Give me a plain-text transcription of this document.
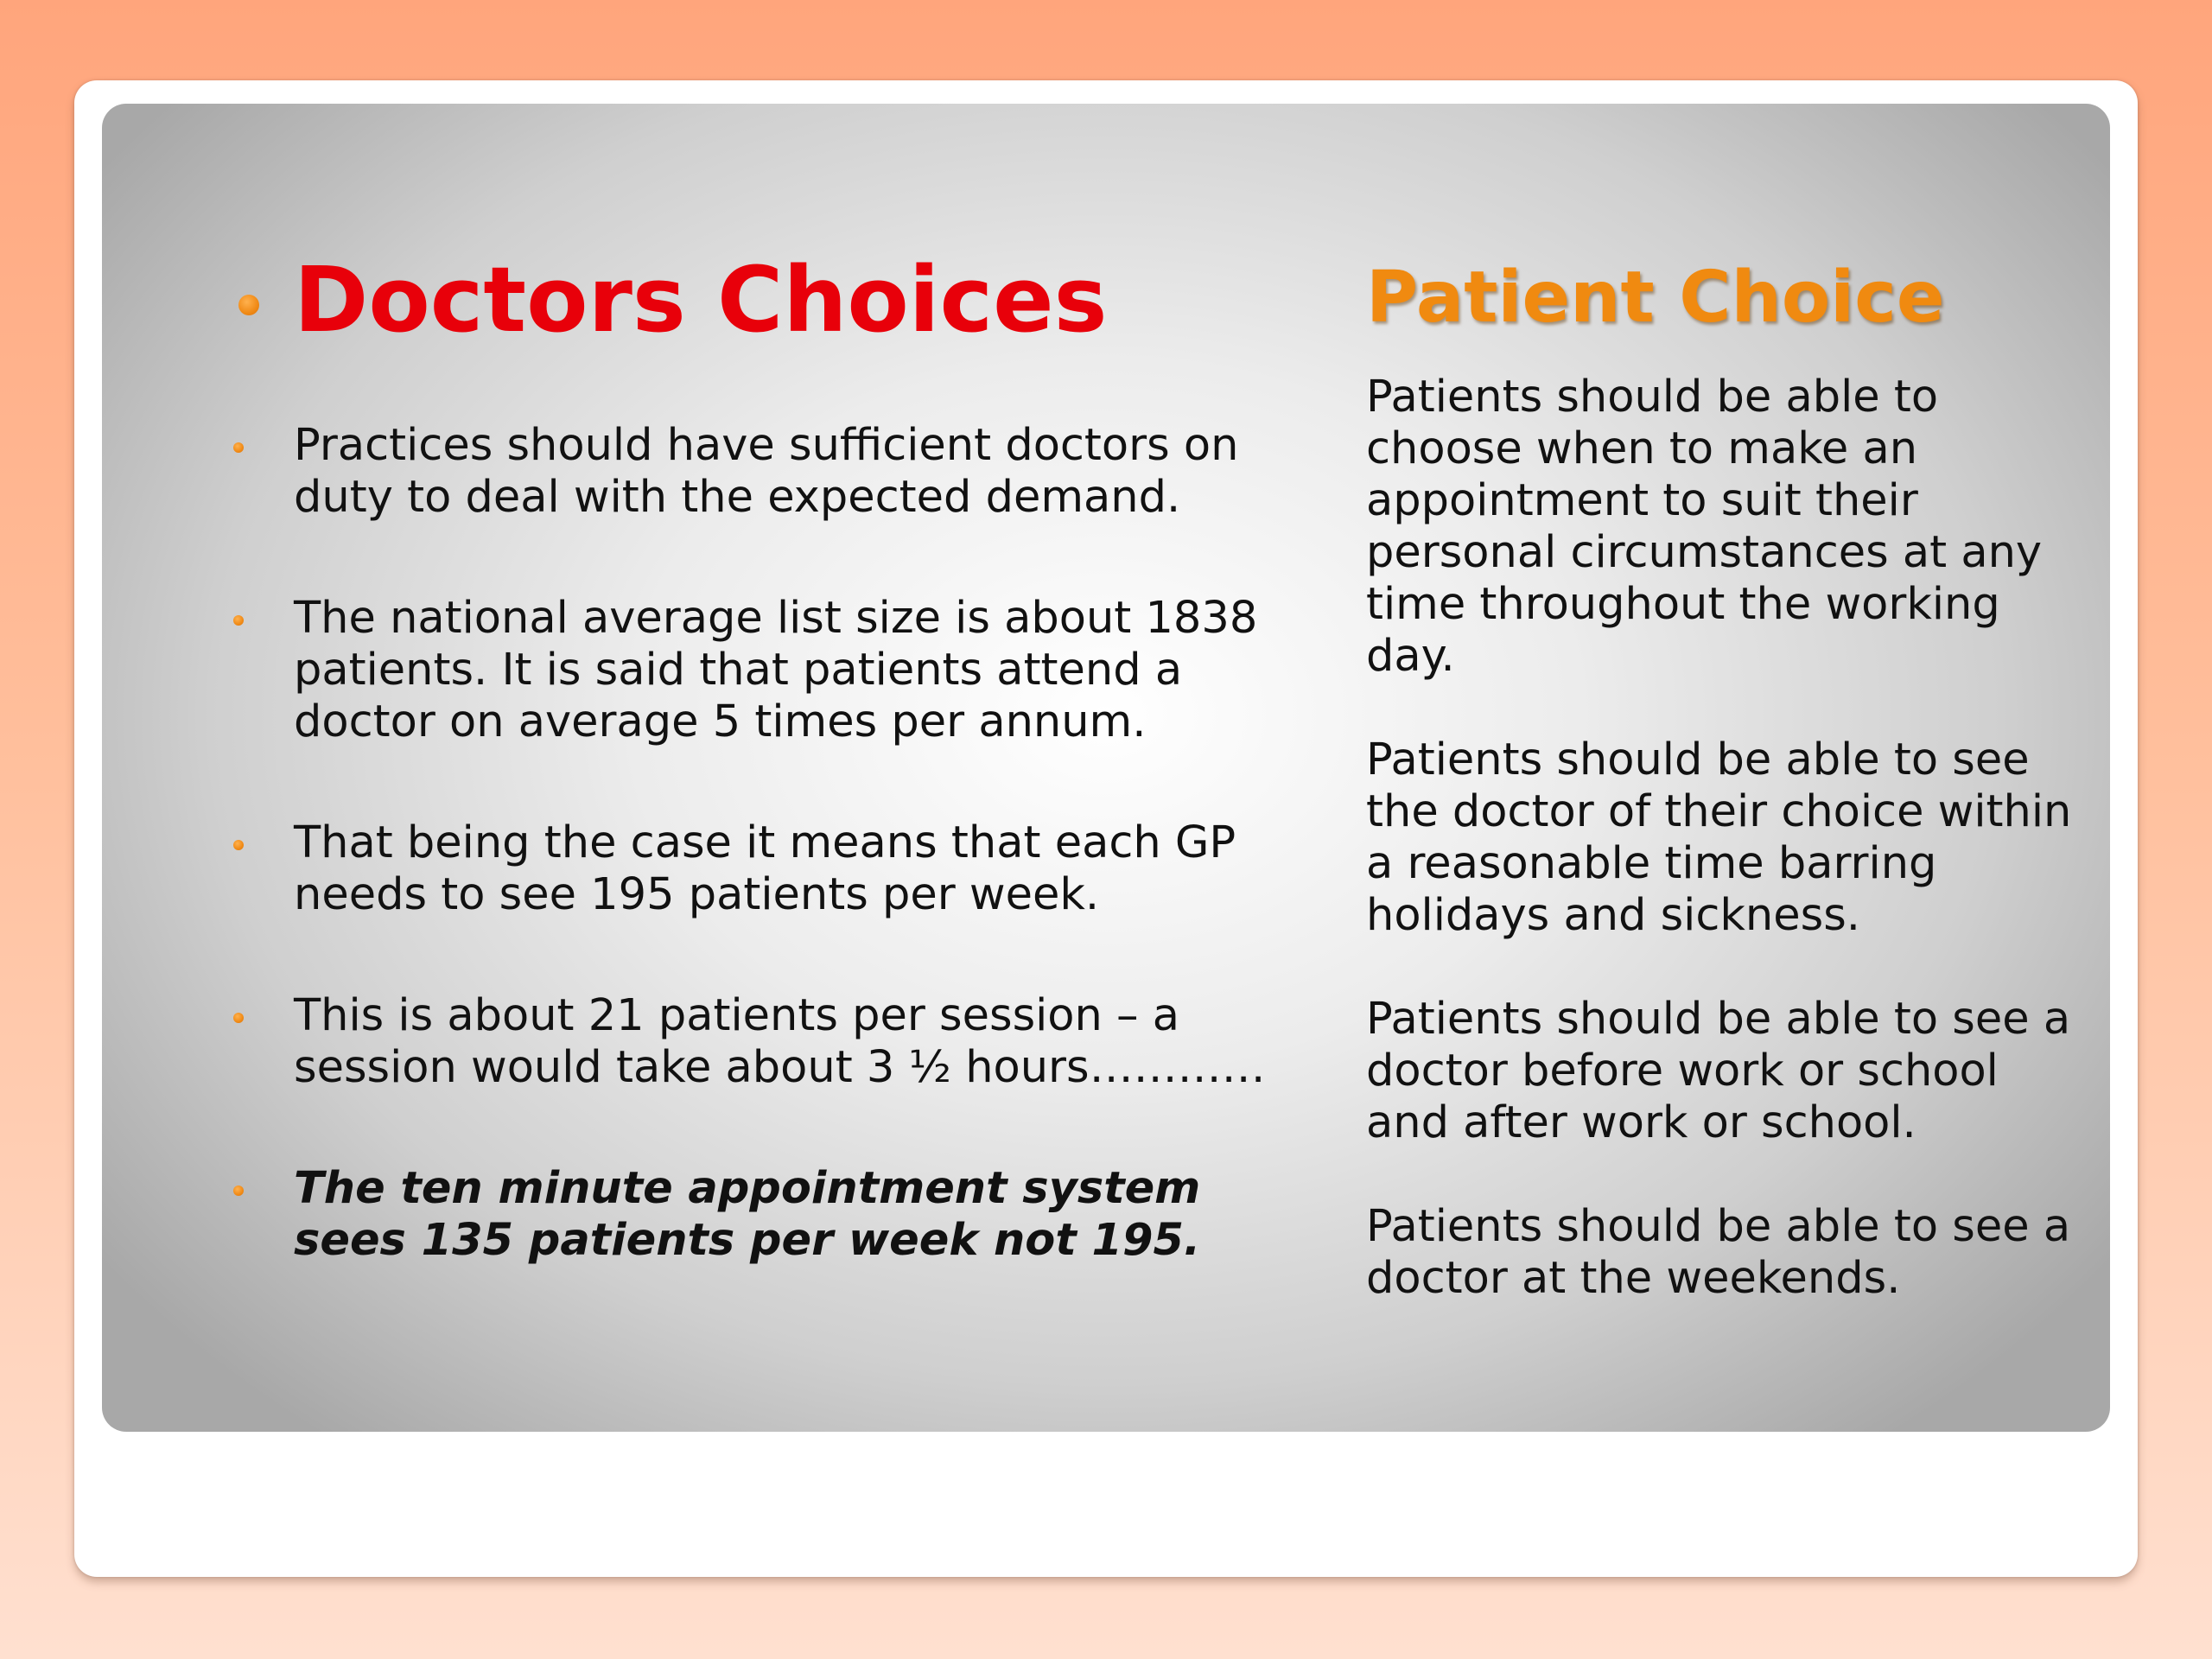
Doctors Choices	Patient Choice
Practices should have sufficient doctors on duty to deal with the expected demand.
The national average list size is about 1838 patients. It is said that patients attend a doctor on average 5 times per annum.
That being the case it means that each GP needs to see 195 patients per week.
This is about 21 patients per session – a session would take about 3 ½ hours…………
The ten minute appointment system sees 135 patients per week not 195.

Patients should be able to choose when to make an appointment to suit their personal circumstances at any time throughout the working day.

Patients should be able to see the doctor of their choice within a reasonable time barring holidays and sickness.

Patients should be able to see a doctor before work or school and after work or school.

Patients should be able to see a doctor at the weekends.
